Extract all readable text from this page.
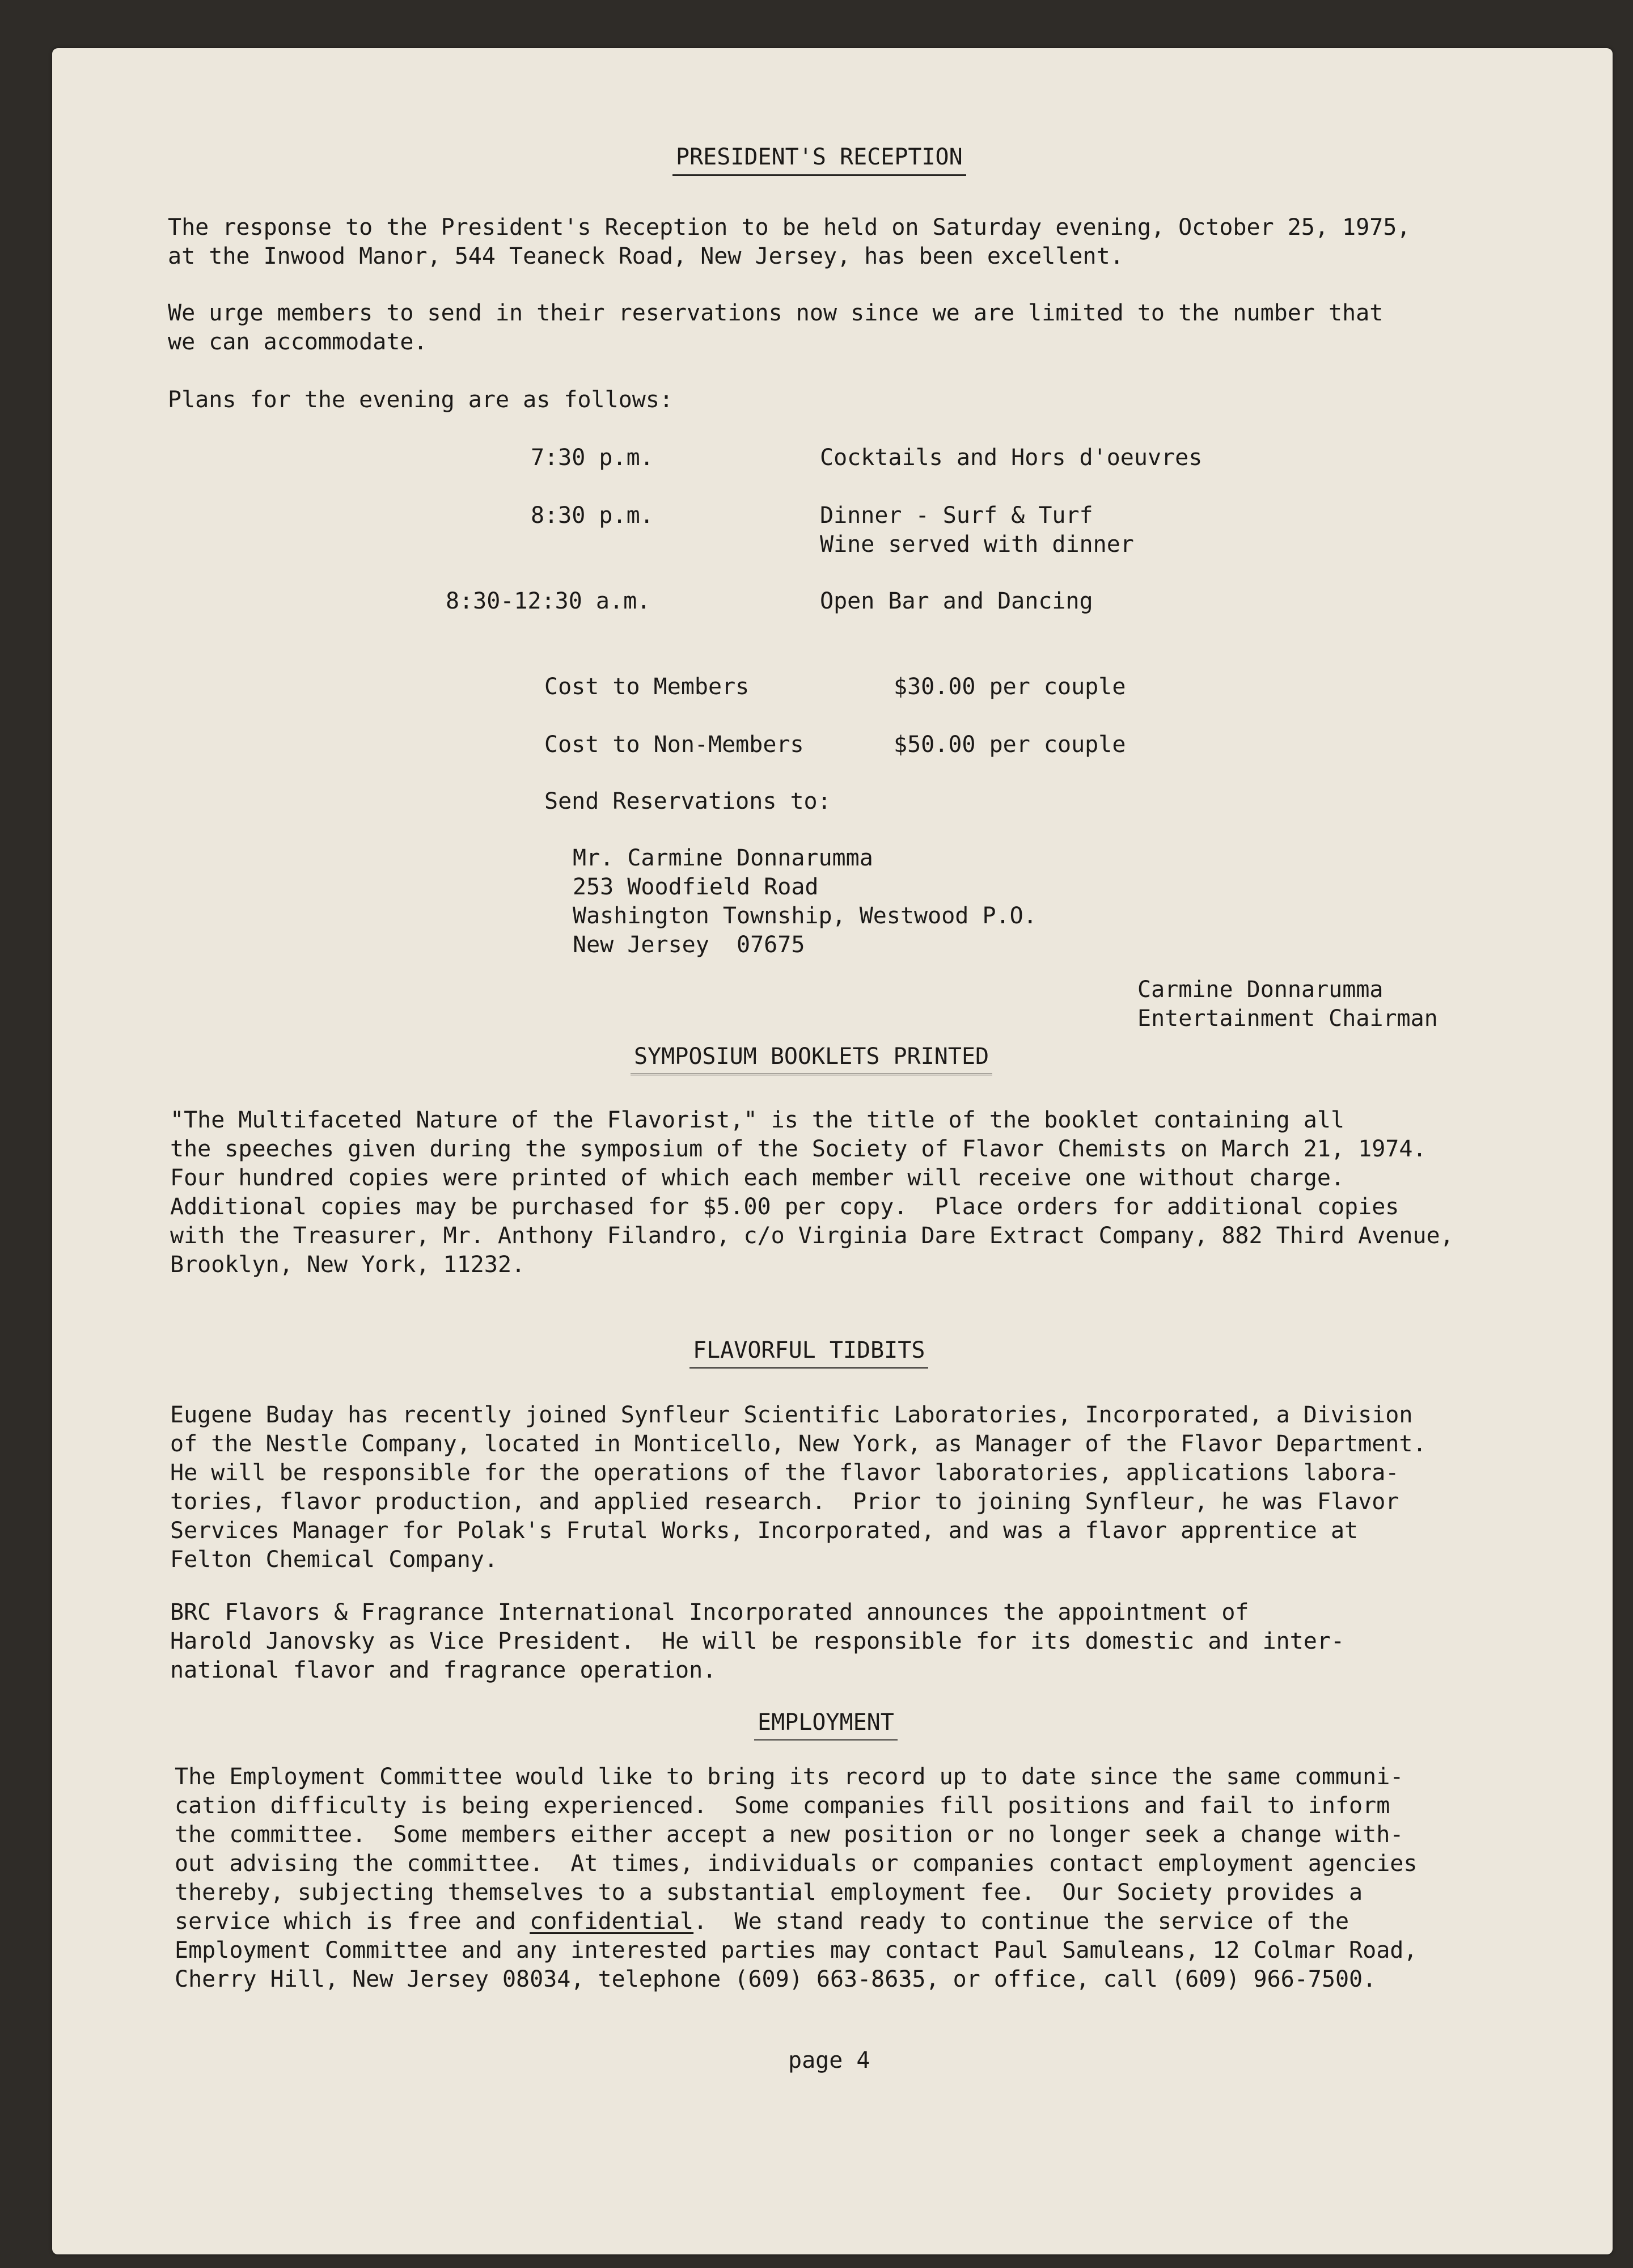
PRESIDENT'S RECEPTION
The response to the President's Reception to be held on Saturday evening, October 25, 1975,
at the Inwood Manor, 544 Teaneck Road, New Jersey, has been excellent.
We urge members to send in their reservations now since we are limited to the number that
we can accommodate.
Plans for the evening are as follows:
7:30 p.m.	Cocktails and Hors d'oeuvres
8:30 p.m.	Dinner - Surf & Turf
Wine served with dinner
8:30-12:30 a.m.	Open Bar and Dancing
Cost to Members	$30.00 per couple
Cost to Non-Members	$50.00 per couple
Send Reservations to:
Mr. Carmine Donnarumma
253 Woodfield Road
Washington Township, Westwood P.O.
New Jersey  07675
Carmine Donnarumma
Entertainment Chairman
SYMPOSIUM BOOKLETS PRINTED
"The Multifaceted Nature of the Flavorist," is the title of the booklet containing all
the speeches given during the symposium of the Society of Flavor Chemists on March 21, 1974.
Four hundred copies were printed of which each member will receive one without charge.
Additional copies may be purchased for $5.00 per copy.  Place orders for additional copies
with the Treasurer, Mr. Anthony Filandro, c/o Virginia Dare Extract Company, 882 Third Avenue,
Brooklyn, New York, 11232.
FLAVORFUL TIDBITS
Eugene Buday has recently joined Synfleur Scientific Laboratories, Incorporated, a Division
of the Nestle Company, located in Monticello, New York, as Manager of the Flavor Department.
He will be responsible for the operations of the flavor laboratories, applications labora-
tories, flavor production, and applied research.  Prior to joining Synfleur, he was Flavor
Services Manager for Polak's Frutal Works, Incorporated, and was a flavor apprentice at
Felton Chemical Company.
BRC Flavors & Fragrance International Incorporated announces the appointment of
Harold Janovsky as Vice President.  He will be responsible for its domestic and inter-
national flavor and fragrance operation.
EMPLOYMENT
The Employment Committee would like to bring its record up to date since the same communi-
cation difficulty is being experienced.  Some companies fill positions and fail to inform
the committee.  Some members either accept a new position or no longer seek a change with-
out advising the committee.  At times, individuals or companies contact employment agencies
thereby, subjecting themselves to a substantial employment fee.  Our Society provides a
service which is free and confidential.  We stand ready to continue the service of the
Employment Committee and any interested parties may contact Paul Samuleans, 12 Colmar Road,
Cherry Hill, New Jersey 08034, telephone (609) 663-8635, or office, call (609) 966-7500.
page 4
